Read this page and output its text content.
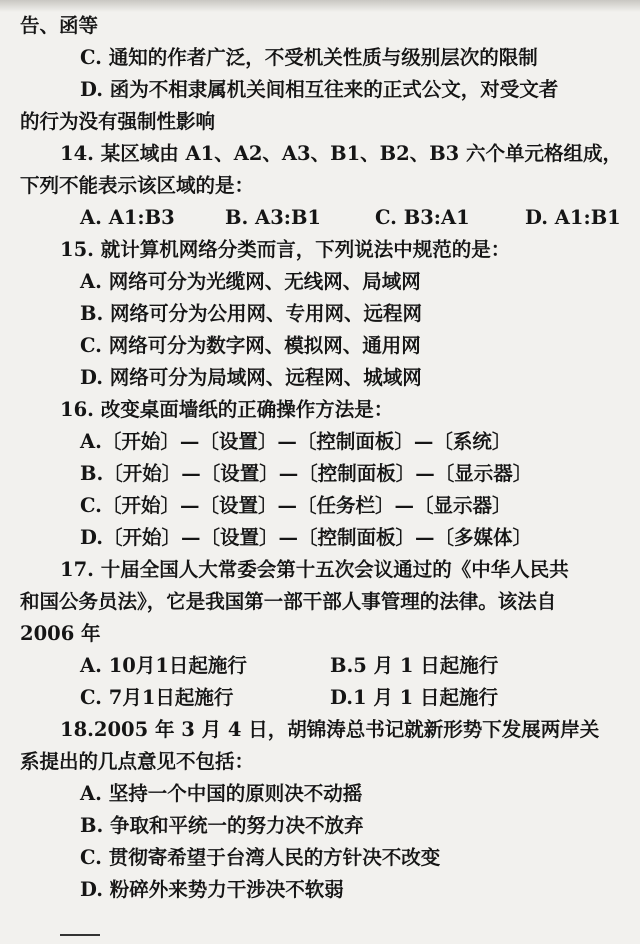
告、函等
C. 通知的作者广泛，不受机关性质与级别层次的限制
D. 函为不相隶属机关间相互往来的正式公文，对受文者
的行为没有强制性影响
14. 某区域由 A1、A2、A3、B1、B2、B3 六个单元格组成，
下列不能表示该区域的是：
A. A1:B3	B. A3:B1	C. B3:A1	D. A1:B1
15. 就计算机网络分类而言，下列说法中规范的是：
A. 网络可分为光缆网、无线网、局域网
B. 网络可分为公用网、专用网、远程网
C. 网络可分为数字网、模拟网、通用网
D. 网络可分为局域网、远程网、城域网
16. 改变桌面墙纸的正确操作方法是：
A.〔开始〕—〔设置〕—〔控制面板〕—〔系统〕
B.〔开始〕—〔设置〕—〔控制面板〕—〔显示器〕
C.〔开始〕—〔设置〕—〔任务栏〕—〔显示器〕
D.〔开始〕—〔设置〕—〔控制面板〕—〔多媒体〕
17. 十届全国人大常委会第十五次会议通过的《中华人民共
和国公务员法》，它是我国第一部干部人事管理的法律。该法自
2006 年
A. 10月1日起施行	B.5 月 1 日起施行
C. 7月1日起施行	D.1 月 1 日起施行
18.2005 年 3 月 4 日，胡锦涛总书记就新形势下发展两岸关
系提出的几点意见不包括：
A. 坚持一个中国的原则决不动摇
B. 争取和平统一的努力决不放弃
C. 贯彻寄希望于台湾人民的方针决不改变
D. 粉碎外来势力干涉决不软弱
